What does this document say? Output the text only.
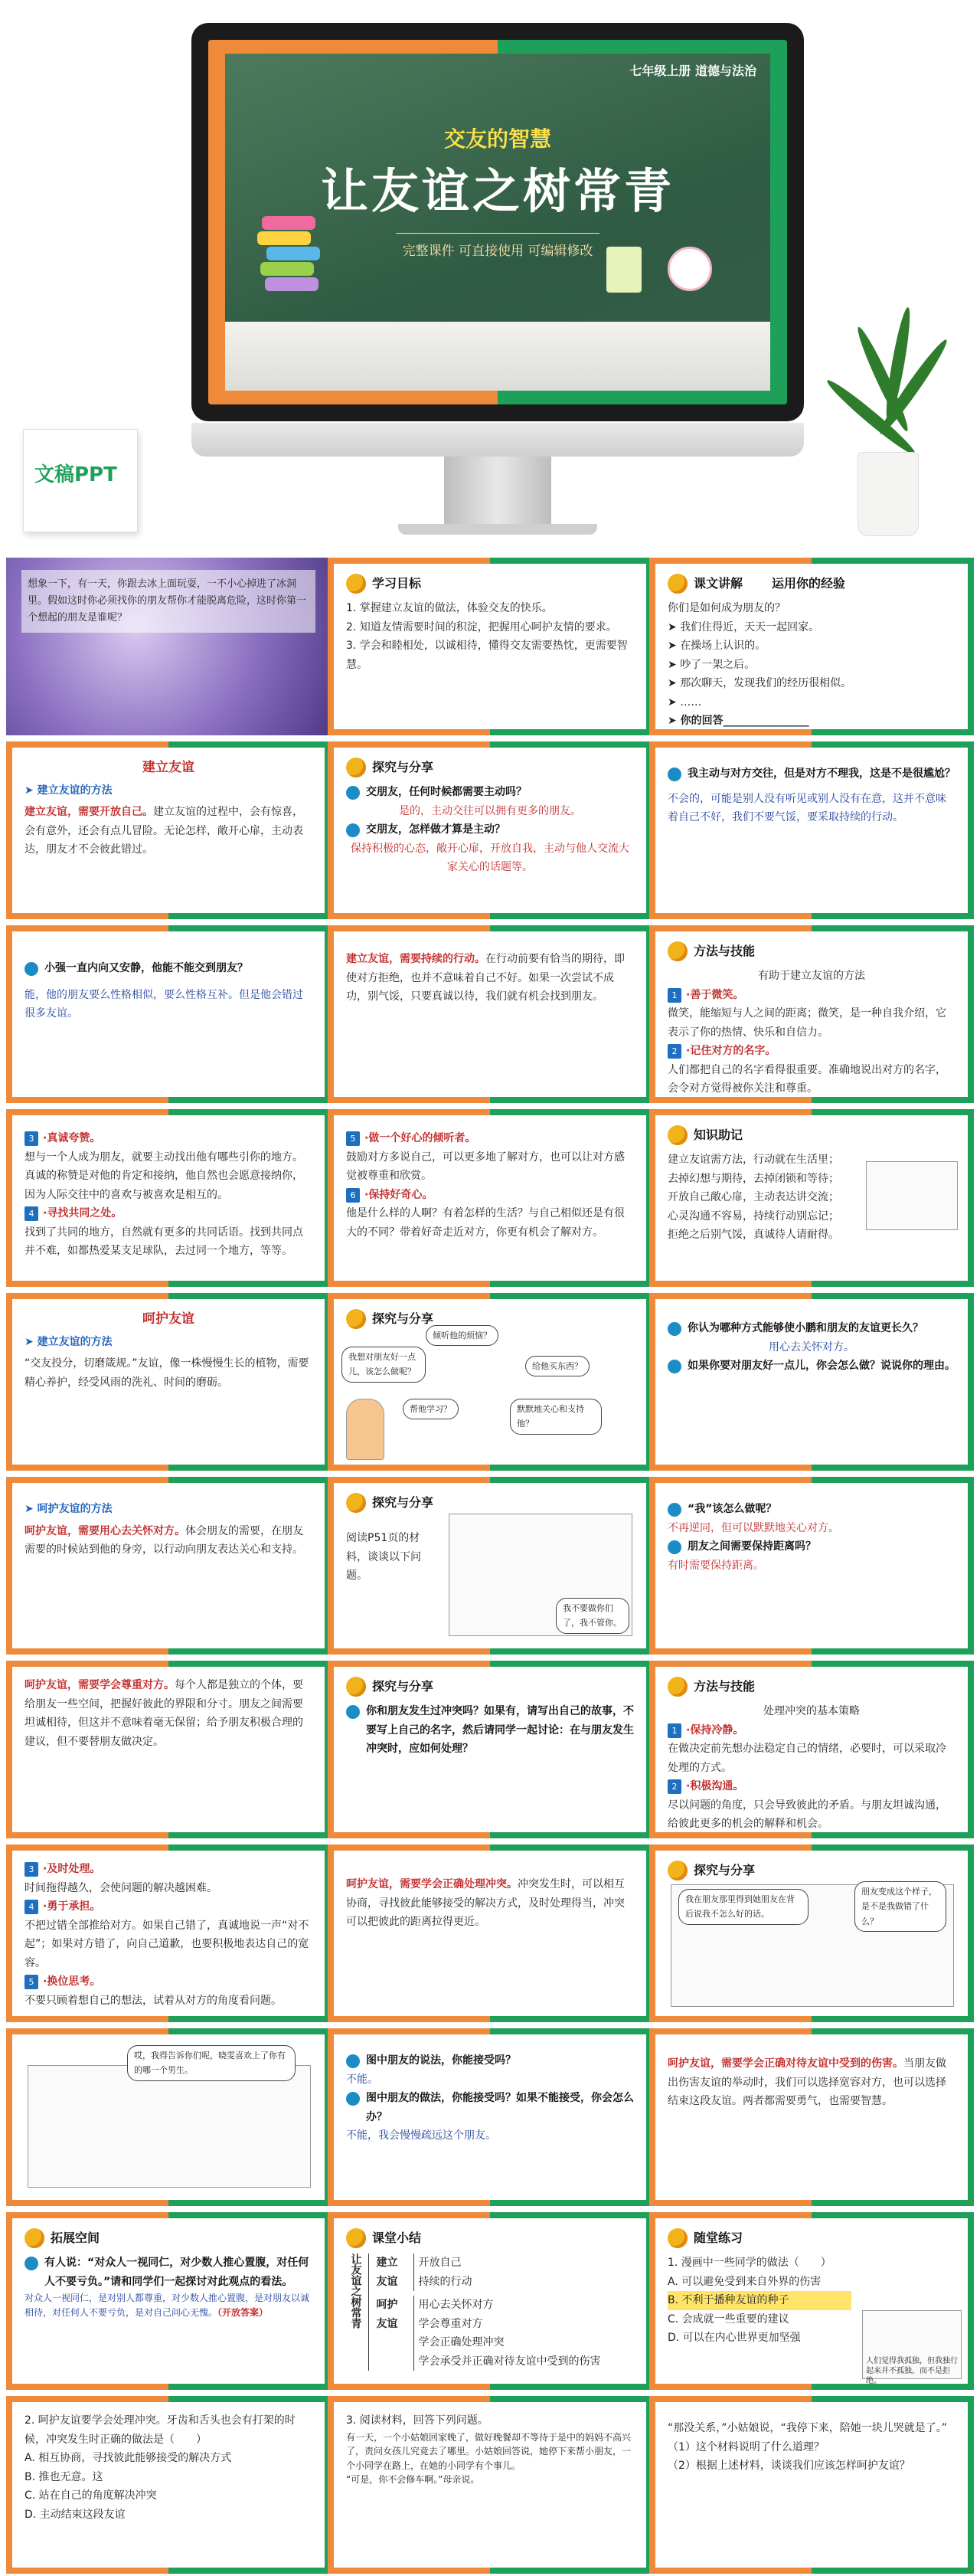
七年级上册 道德与法治
交友的智慧
让友谊之树常青
完整课件 可直接使用 可编辑修改
文稿PPT
想象一下，有一天，你跟去冰上面玩耍，一不小心掉进了冰洞里。假如这时你必须找你的朋友帮你才能脱离危险，这时你第一个想起的朋友是谁呢？
学习目标
1. 掌握建立友谊的做法，体验交友的快乐。
2. 知道友情需要时间的积淀，把握用心呵护友情的要求。
3. 学会和睦相处，以诚相待，懂得交友需要热忱，更需要智慧。
课文讲解 运用你的经验
你们是如何成为朋友的？
➤ 我们住得近，天天一起回家。
➤ 在操场上认识的。
➤ 吵了一架之后。
➤ 那次聊天，发现我们的经历很相似。
➤ ……
➤ 你的回答________________
建立友谊
➤ 建立友谊的方法
建立友谊，需要开放自己。建立友谊的过程中，会有惊喜，会有意外，还会有点儿冒险。无论怎样，敞开心扉，主动表达，朋友才不会彼此错过。
探究与分享
交朋友，任何时候都需要主动吗？
是的，主动交往可以拥有更多的朋友。
交朋友，怎样做才算是主动？
保持积极的心态，敞开心扉，开放自我，主动与他人交流大家关心的话题等。
我主动与对方交往，但是对方不理我，这是不是很尴尬？
不会的，可能是别人没有听见或别人没有在意，这并不意味着自己不好，我们不要气馁，要采取持续的行动。
小强一直内向又安静，他能不能交到朋友？
能，他的朋友要么性格相似，要么性格互补。但是他会错过很多友谊。
建立友谊，需要持续的行动。在行动前要有恰当的期待，即使对方拒绝，也并不意味着自己不好。如果一次尝试不成功，别气馁，只要真诚以待，我们就有机会找到朋友。
方法与技能
有助于建立友谊的方法
1 ·善于微笑。
微笑，能缩短与人之间的距离；微笑，是一种自我介绍，它表示了你的热情、快乐和自信力。
2 ·记住对方的名字。
人们都把自己的名字看得很重要。准确地说出对方的名字，会令对方觉得被你关注和尊重。
3 ·真诚夸赞。
想与一个人成为朋友，就要主动找出他有哪些引你的地方。真诚的称赞是对他的肯定和接纳，他自然也会愿意接纳你，因为人际交往中的喜欢与被喜欢是相互的。
4 ·寻找共同之处。
找到了共同的地方，自然就有更多的共同话语。找到共同点并不难，如都热爱某支足球队，去过同一个地方，等等。
5 ·做一个好心的倾听者。
鼓励对方多说自己，可以更多地了解对方，也可以让对方感觉被尊重和欣赏。
6 ·保持好奇心。
他是什么样的人啊？有着怎样的生活？与自己相似还是有很大的不同？带着好奇走近对方，你更有机会了解对方。
知识助记
建立友谊需方法，行动就在生活里；
去掉幻想与期待，去掉闭锁和等待；
开放自己敞心扉，主动表达讲交流；
心灵沟通不容易，持续行动别忘记；
拒绝之后别气馁，真诚待人请耐得。
呵护友谊
➤ 建立友谊的方法
“交友投分，切磨箴规。”友谊，像一株慢慢生长的植物，需要精心养护，经受风雨的洗礼、时间的磨砺。
探究与分享
倾听他的烦恼？
我想对朋友好一点儿，该怎么做呢？
给他买东西？
帮他学习？	默默地关心和支持他？
你认为哪种方式能够使小鹏和朋友的友谊更长久？
用心去关怀对方。
如果你要对朋友好一点儿，你会怎么做？说说你的理由。
➤ 呵护友谊的方法
呵护友谊，需要用心去关怀对方。体会朋友的需要，在朋友需要的时候站到他的身旁，以行动向朋友表达关心和支持。
探究与分享
阅读P51页的材料，谈谈以下问题。
我不要做你们了，我不管你。
“我”该怎么做呢？
不再逆同，但可以默默地关心对方。
朋友之间需要保持距离吗？
有时需要保持距离。
呵护友谊，需要学会尊重对方。每个人都是独立的个体，要给朋友一些空间，把握好彼此的界限和分寸。朋友之间需要坦诚相待，但这并不意味着毫无保留；给予朋友积极合理的建议，但不要替朋友做决定。
探究与分享
你和朋友发生过冲突吗？如果有，请写出自己的故事，不要写上自己的名字，然后请同学一起讨论：在与朋友发生冲突时，应如何处理？
方法与技能
处理冲突的基本策略
1 ·保持冷静。
在做决定前先想办法稳定自己的情绪，必要时，可以采取冷处理的方式。
2 ·积极沟通。
尽以问题的角度，只会导致彼此的矛盾。与朋友坦诚沟通，给彼此更多的机会的解释和机会。
3 ·及时处理。
时间拖得越久，会使问题的解决越困难。
4 ·勇于承担。
不把过错全部推给对方。如果自己错了，真诚地说一声“对不起”；如果对方错了，向自己道歉，也要积极地表达自己的宽容。
5 ·换位思考。
不要只顾着想自己的想法，试着从对方的角度看问题。
呵护友谊，需要学会正确处理冲突。冲突发生时，可以相互协商，寻找彼此能够接受的解决方式，及时处理得当，冲突可以把彼此的距离拉得更近。
探究与分享
我在朋友那里得到她朋友在背后说我不怎么好的话。
朋友变成这个样子，是不是我做错了什么？
哎，我得告诉你们呢，晓雯喜欢上了你有的哪一个男生。
图中朋友的说法，你能接受吗？
不能。
图中朋友的做法，你能接受吗？如果不能接受，你会怎么办？
不能，我会慢慢疏远这个朋友。
呵护友谊，需要学会正确对待友谊中受到的伤害。当朋友做出伤害友谊的举动时，我们可以选择宽容对方，也可以选择结束这段友谊。两者都需要勇气，也需要智慧。
拓展空间
有人说：“对众人一视同仁，对少数人推心置腹，对任何人不要亏负。”请和同学们一起探讨对此观点的看法。
对众人一视同仁，是对别人都尊重，对少数人推心置腹，是对朋友以诚相待，对任何人不要亏负，是对自己问心无愧。（开放答案）
课堂小结
让友谊之树常青	建立友谊
开放自己
持续的行动
呵护友谊
用心去关怀对方
学会尊重对方
学会正确处理冲突
学会承受并正确对待友谊中受到的伤害
随堂练习
1. 漫画中一些同学的做法（　　）
A. 可以避免受到来自外界的伤害
B. 不利于播种友谊的种子
C. 会成就一些重要的建议
D. 可以在内心世界更加坚强
人们觉得我孤独，但我独行起来并不孤独，而不是拒绝。
2. 呵护友谊要学会处理冲突。牙齿和舌头也会有打架的时候，冲突发生时正确的做法是（　　）
A. 相互协商，寻找彼此能够接受的解决方式
B. 推也无意。这
C. 站在自己的角度解决冲突
D. 主动结束这段友谊
3. 阅读材料，回答下列问题。
有一天，一个小姑娘回家晚了，做好晚餐却不等待于是中的妈妈不高兴了，责问女孩儿究竟去了哪里。小姑娘回答说，她停下来帮小朋友，一个小同学在路上，在她的小同学有个事儿。
“可是，你不会修车啊。”母亲说。
“那没关系，”小姑娘说，“我停下来，陪她一块儿哭就是了。”
（1）这个材料说明了什么道理？
（2）根据上述材料，谈谈我们应该怎样呵护友谊？
